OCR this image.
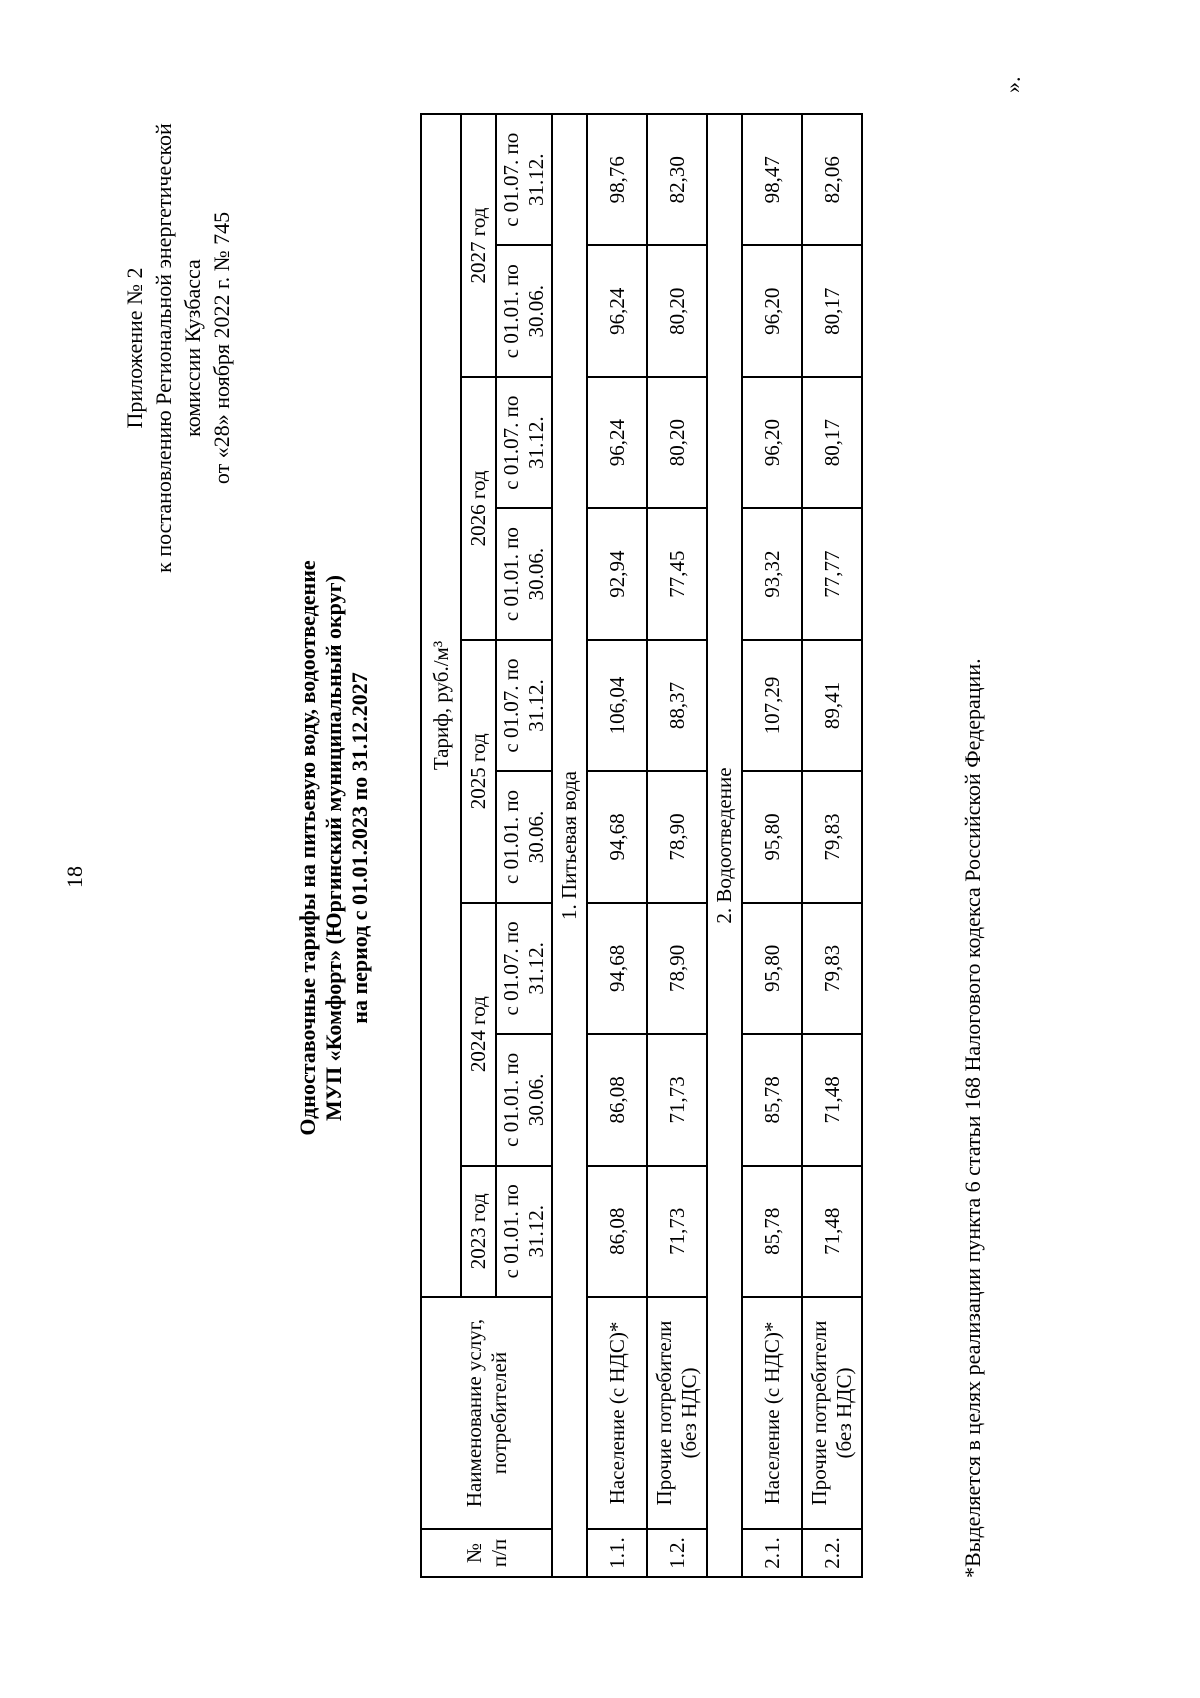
18
Приложение № 2 к постановлению Региональной энергетической комиссии Кузбасса от «28» ноября 2022 г. № 745
Одноставочные тарифы на питьевую воду, водоотведение МУП «Комфорт» (Юргинский муниципальный округ) на период с 01.01.2023 по 31.12.2027
№ п/п	Наименование услуг, потребителей	Тариф, руб./м³								
		2023 год	2024 год		2025 год		2026 год		2027 год	
		с 01.01. по 31.12.	с 01.01. по 30.06.	с 01.07. по 31.12.	с 01.01. по 30.06.	с 01.07. по 31.12.	с 01.01. по 30.06.	с 01.07. по 31.12.	с 01.01. по 30.06.	с 01.07. по 31.12.
1. Питьевая вода										
1.1.	Население (с НДС)*	86,08	86,08	94,68	94,68	106,04	92,94	96,24	96,24	98,76
1.2.	Прочие потребители (без НДС)	71,73	71,73	78,90	78,90	88,37	77,45	80,20	80,20	82,30
2. Водоотведение										
2.1.	Население (с НДС)*	85,78	85,78	95,80	95,80	107,29	93,32	96,20	96,20	98,47
2.2.	Прочие потребители (без НДС)	71,48	71,48	79,83	79,83	89,41	77,77	80,17	80,17	82,06
*Выделяется в целях реализации пункта 6 статьи 168 Налогового кодекса Российской Федерации.
».
